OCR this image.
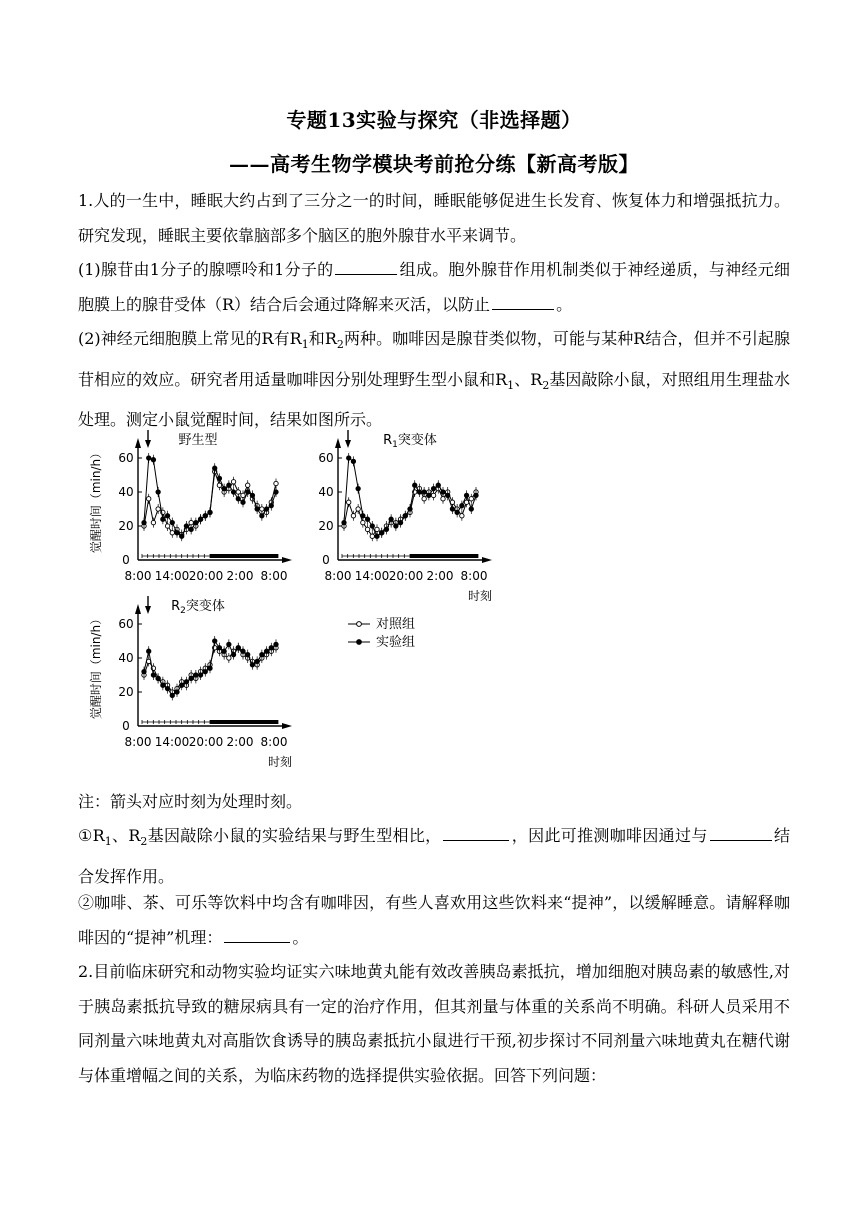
专题13实验与探究（非选择题）
——高考生物学模块考前抢分练【新高考版】
1.人的一生中，睡眠大约占到了三分之一的时间，睡眠能够促进生长发育、恢复体力和增强抵抗力。研究发现，睡眠主要依靠脑部多个脑区的胞外腺苷水平来调节。
(1)腺苷由1分子的腺嘌呤和1分子的	组成。胞外腺苷作用机制类似于神经递质，与神经元细胞膜上的腺苷受体（R）结合后会通过降解来灭活，以防止	。
(2)神经元细胞膜上常见的R有$R_1$和$R_2$两种。咖啡因是腺苷类似物，可能与某种R结合，但并不引起腺苷相应的效应。研究者用适量咖啡因分别处理野生型小鼠和$R_1$、$R_2$基因敲除小鼠，对照组用生理盐水处理。测定小鼠觉醒时间，结果如图所示。
野生型
0
20
40
60
8:00 14:00 20:00 2:00 8:00
觉醒时间（min/h）
$R_1$突变体
0
20
40
60
8:00 14:00 20:00 2:00 8:00
时刻
$R_2$突变体
0
20
40
60
8:00 14:00 20:00 2:00 8:00
时刻
觉醒时间（min/h）	对照组
实验组
注：箭头对应时刻为处理时刻。
$①R_1$、$R_2$基因敲除小鼠的实验结果与野生型相比，	，因此可推测咖啡因通过与	结合发挥作用。
②咖啡、茶、可乐等饮料中均含有咖啡因，有些人喜欢用这些饮料来“提神”，以缓解睡意。请解释咖啡因的“提神”机理：	。
2.目前临床研究和动物实验均证实六味地黄丸能有效改善胰岛素抵抗，增加细胞对胰岛素的敏感性,对于胰岛素抵抗导致的糖尿病具有一定的治疗作用，但其剂量与体重的关系尚不明确。科研人员采用不同剂量六味地黄丸对高脂饮食诱导的胰岛素抵抗小鼠进行干预,初步探讨不同剂量六味地黄丸在糖代谢与体重增幅之间的关系，为临床药物的选择提供实验依据。回答下列问题：
